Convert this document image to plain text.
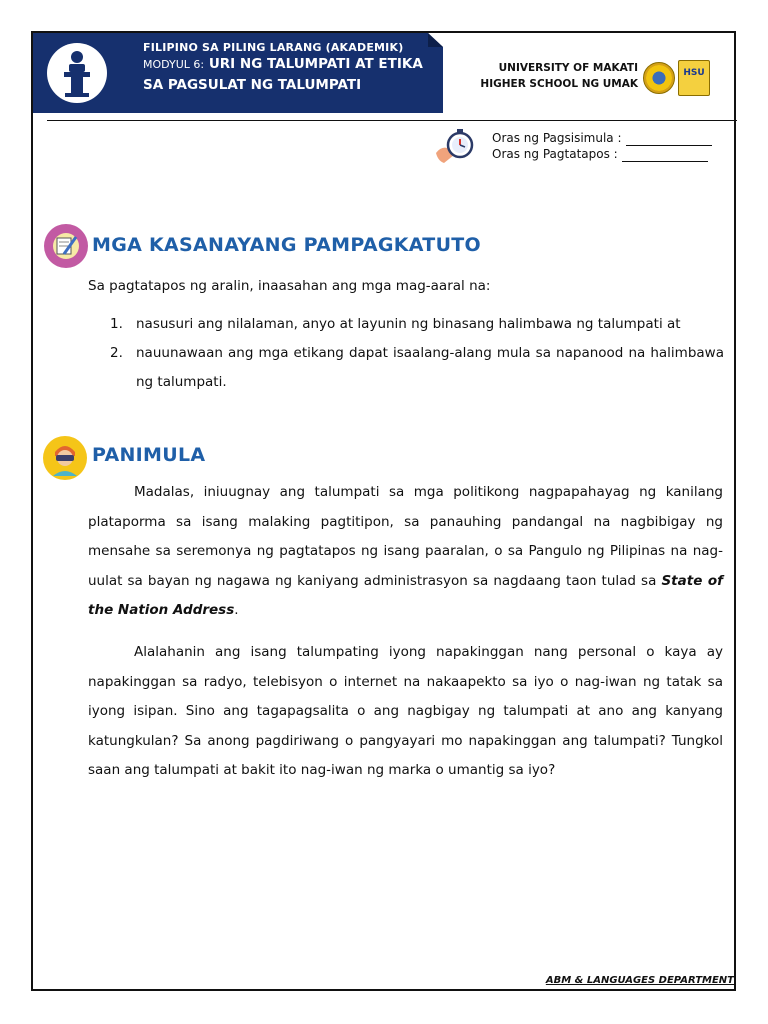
FILIPINO SA PILING LARANG (AKADEMIK)
MODYUL 6: URI NG TALUMPATI AT ETIKA
SA PAGSULAT NG TALUMPATI
UNIVERSITY OF MAKATI
HIGHER SCHOOL NG UMAK
HSU
Oras ng Pagsisimula :
Oras ng Pagtatapos :
MGA KASANAYANG PAMPAGKATUTO
Sa pagtatapos ng aralin, inaasahan ang mga mag-aaral na:
1. nasusuri ang nilalaman, anyo at layunin ng binasang halimbawa ng talumpati at
2. nauunawaan ang mga etikang dapat isaalang-alang mula sa napanood na halimbawa ng talumpati.
PANIMULA

Madalas, iniuugnay ang talumpati sa mga politikong nagpapahayag ng kanilang plataporma sa isang malaking pagtitipon, sa panauhing pandangal na nagbibigay ng mensahe sa seremonya ng pagtatapos ng isang paaralan, o sa Pangulo ng Pilipinas na nag-uulat sa bayan ng nagawa ng kaniyang administrasyon sa nagdaang taon tulad sa State of the Nation Address.

Alalahanin ang isang talumpating iyong napakinggan nang personal o kaya ay napakinggan sa radyo, telebisyon o internet na nakaapekto sa iyo o nag-iwan ng tatak sa iyong isipan. Sino ang tagapagsalita o ang nagbigay ng talumpati at ano ang kanyang katungkulan? Sa anong pagdiriwang o pangyayari mo napakinggan ang talumpati? Tungkol saan ang talumpati at bakit ito nag-iwan ng marka o umantig sa iyo?

ABM & LANGUAGES DEPARTMENT
